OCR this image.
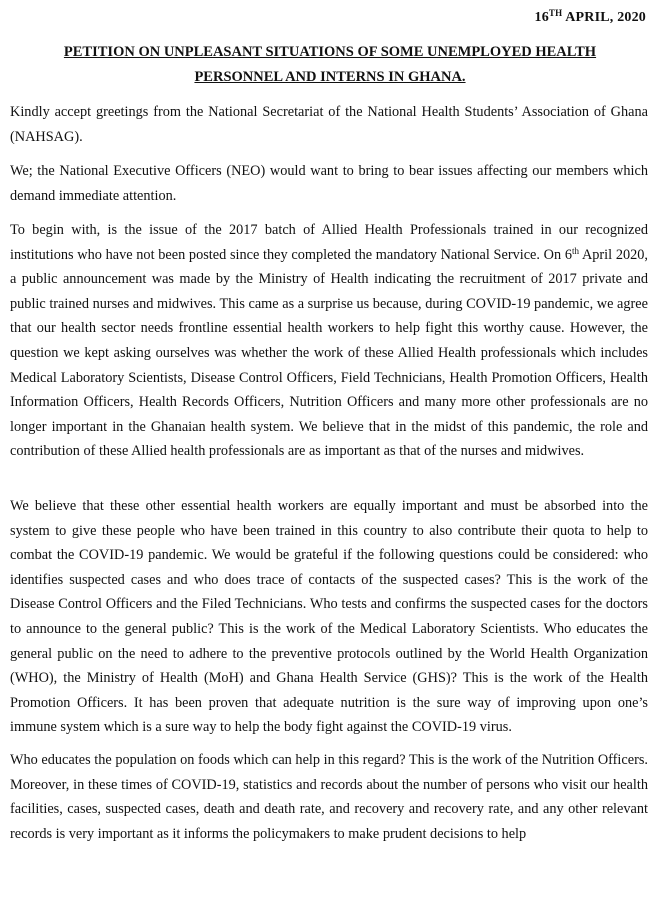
16TH APRIL, 2020
PETITION ON UNPLEASANT SITUATIONS OF SOME UNEMPLOYED HEALTH PERSONNEL AND INTERNS IN GHANA.

Kindly accept greetings from the National Secretariat of the National Health Students’ Association of Ghana (NAHSAG).

We; the National Executive Officers (NEO) would want to bring to bear issues affecting our members which demand immediate attention.

To begin with, is the issue of the 2017 batch of Allied Health Professionals trained in our recognized institutions who have not been posted since they completed the mandatory National Service. On 6th April 2020, a public announcement was made by the Ministry of Health indicating the recruitment of 2017 private and public trained nurses and midwives. This came as a surprise us because, during COVID-19 pandemic, we agree that our health sector needs frontline essential health workers to help fight this worthy cause. However, the question we kept asking ourselves was whether the work of these Allied Health professionals which includes Medical Laboratory Scientists, Disease Control Officers, Field Technicians, Health Promotion Officers, Health Information Officers, Health Records Officers, Nutrition Officers and many more other professionals are no longer important in the Ghanaian health system. We believe that in the midst of this pandemic, the role and contribution of these Allied health professionals are as important as that of the nurses and midwives.

We believe that these other essential health workers are equally important and must be absorbed into the system to give these people who have been trained in this country to also contribute their quota to help to combat the COVID-19 pandemic. We would be grateful if the following questions could be considered: who identifies suspected cases and who does trace of contacts of the suspected cases? This is the work of the Disease Control Officers and the Filed Technicians. Who tests and confirms the suspected cases for the doctors to announce to the general public? This is the work of the Medical Laboratory Scientists. Who educates the general public on the need to adhere to the preventive protocols outlined by the World Health Organization (WHO), the Ministry of Health (MoH) and Ghana Health Service (GHS)? This is the work of the Health Promotion Officers. It has been proven that adequate nutrition is the sure way of improving upon one’s immune system which is a sure way to help the body fight against the COVID-19 virus.

Who educates the population on foods which can help in this regard? This is the work of the Nutrition Officers. Moreover, in these times of COVID-19, statistics and records about the number of persons who visit our health facilities, cases, suspected cases, death and death rate, and recovery and recovery rate, and any other relevant records is very important as it informs the policymakers to make prudent decisions to help
